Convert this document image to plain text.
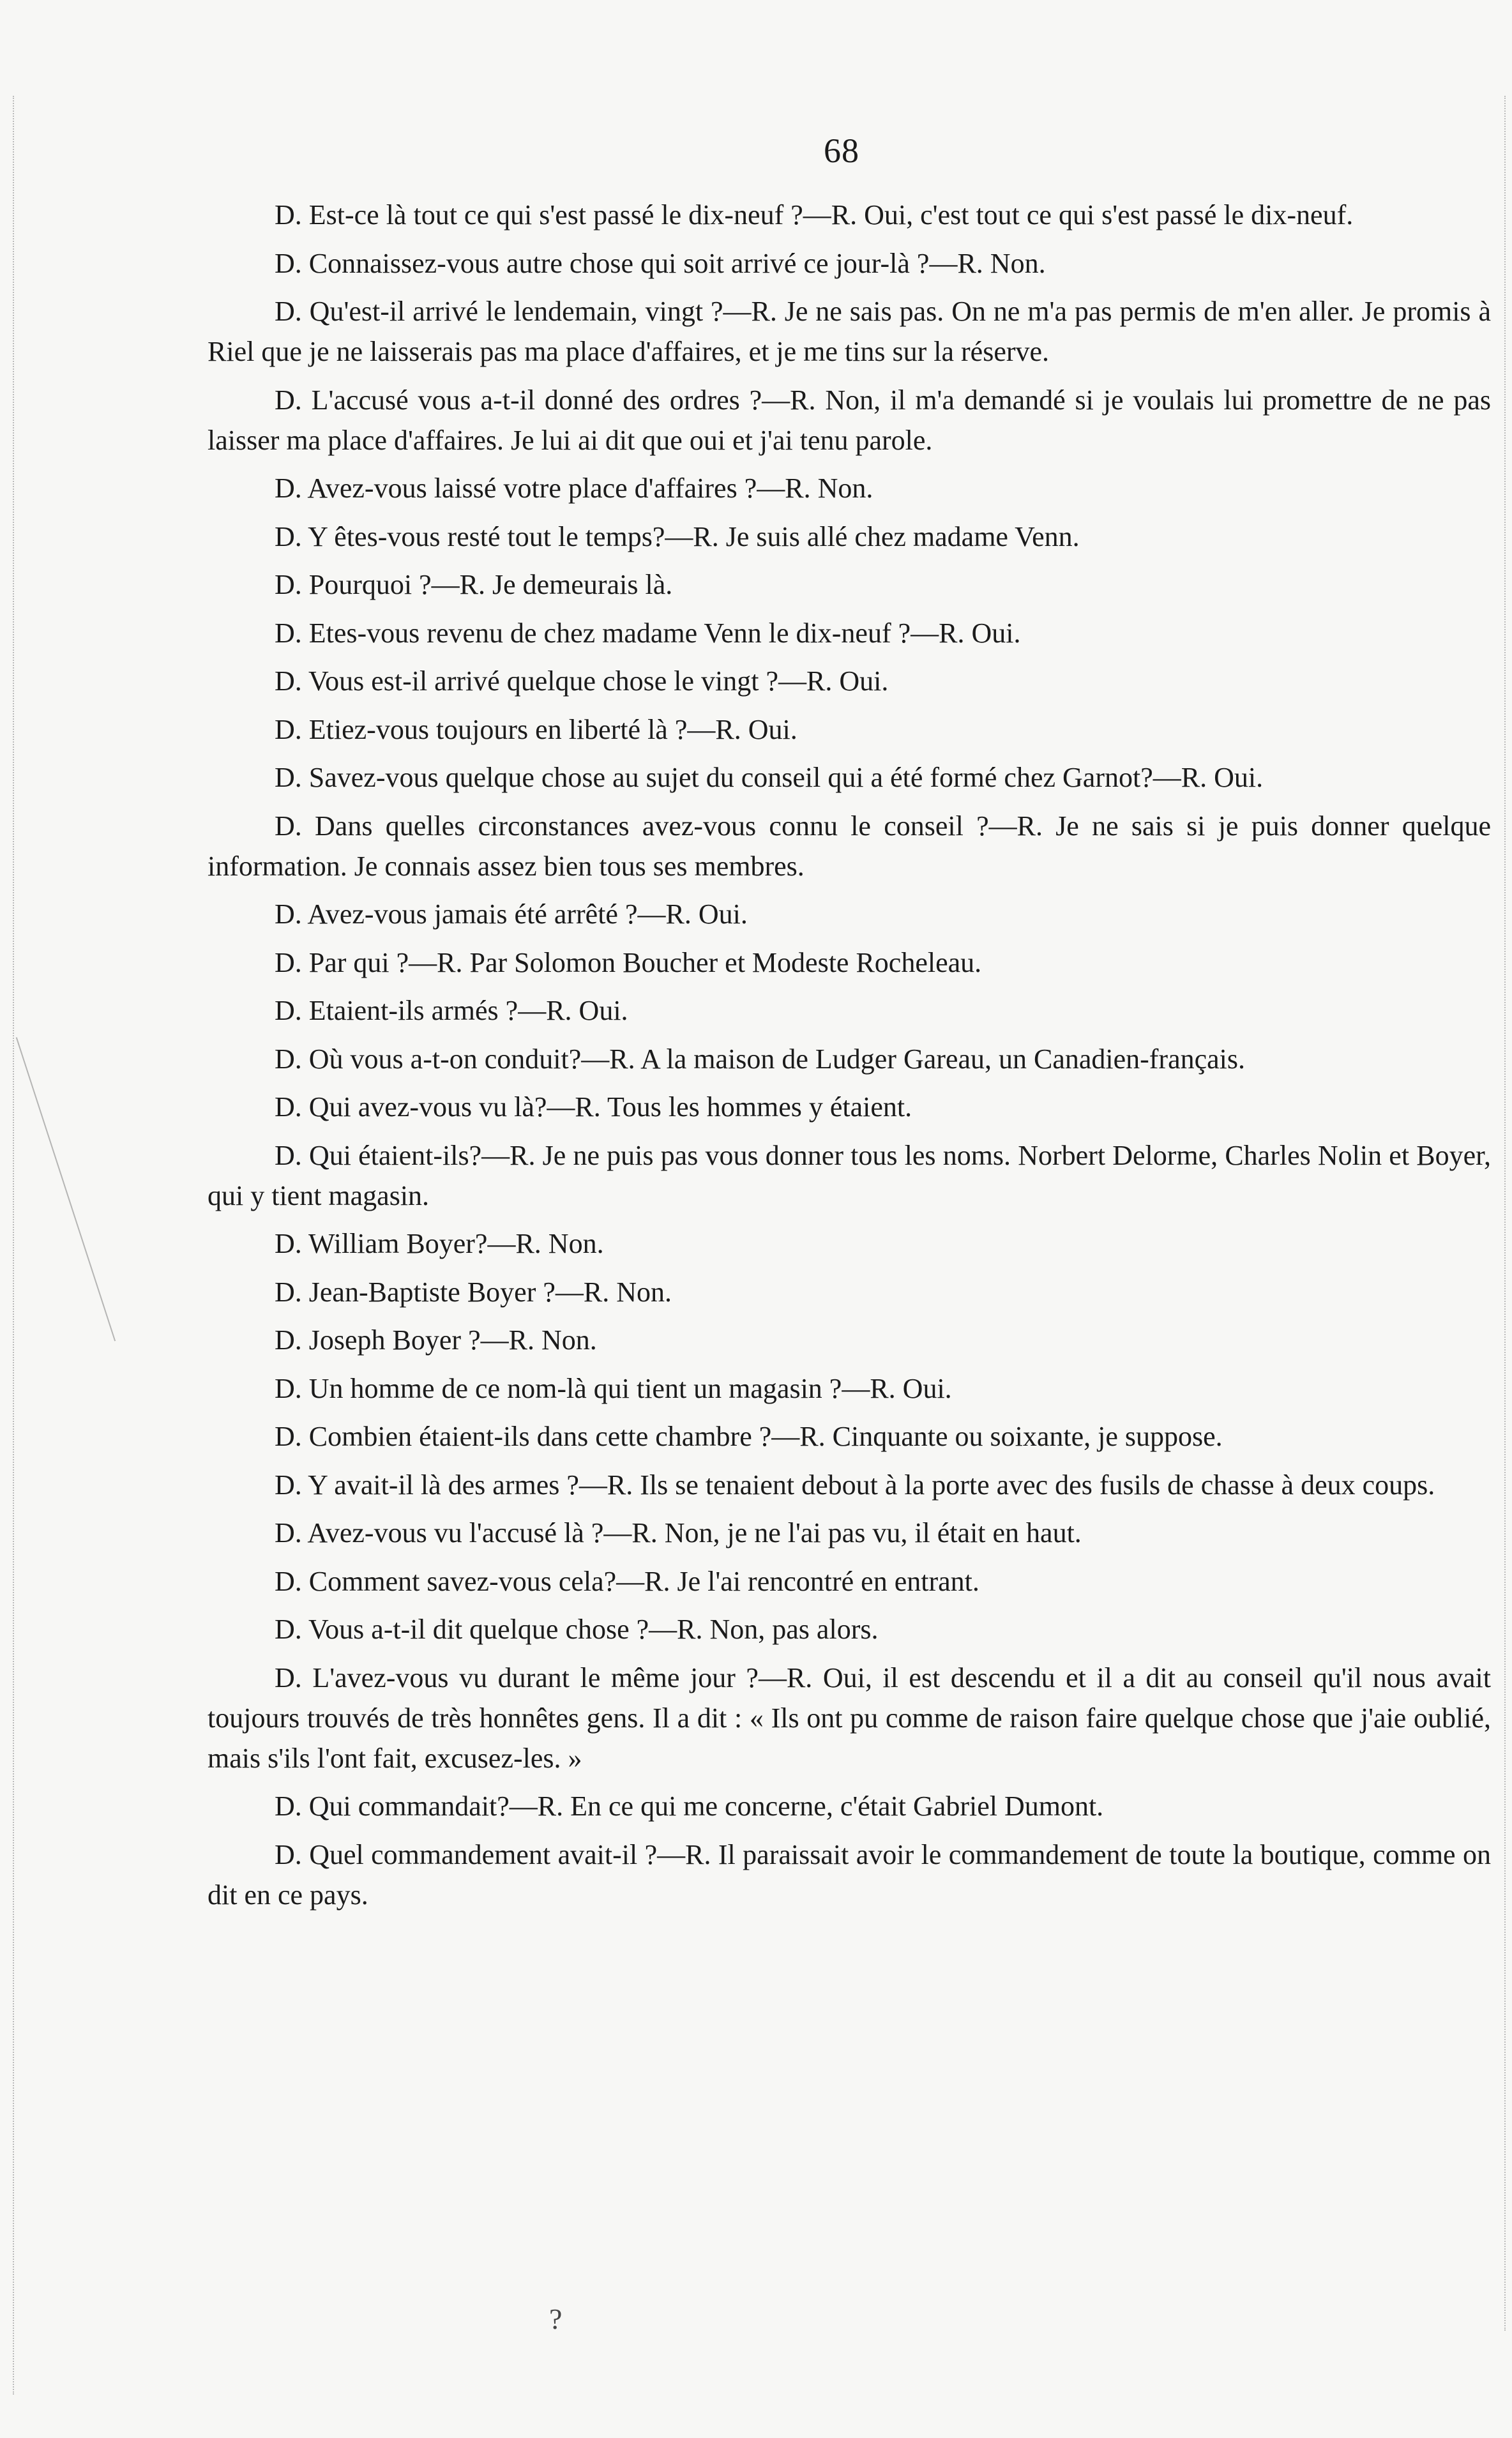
68

D. Est-ce là tout ce qui s'est passé le dix-neuf ?—R. Oui, c'est tout ce qui s'est passé le dix-neuf.

D. Connaissez-vous autre chose qui soit arrivé ce jour-là ?—R. Non.

D. Qu'est-il arrivé le lendemain, vingt ?—R. Je ne sais pas. On ne m'a pas permis de m'en aller. Je promis à Riel que je ne laisserais pas ma place d'affaires, et je me tins sur la réserve.

D. L'accusé vous a-t-il donné des ordres ?—R. Non, il m'a demandé si je voulais lui promettre de ne pas laisser ma place d'affaires. Je lui ai dit que oui et j'ai tenu parole.

D. Avez-vous laissé votre place d'affaires ?—R. Non.

D. Y êtes-vous resté tout le temps?—R. Je suis allé chez madame Venn.

D. Pourquoi ?—R. Je demeurais là.

D. Etes-vous revenu de chez madame Venn le dix-neuf ?—R. Oui.

D. Vous est-il arrivé quelque chose le vingt ?—R. Oui.

D. Etiez-vous toujours en liberté là ?—R. Oui.

D. Savez-vous quelque chose au sujet du conseil qui a été formé chez Garnot?—R. Oui.

D. Dans quelles circonstances avez-vous connu le conseil ?—R. Je ne sais si je puis donner quelque information. Je connais assez bien tous ses membres.

D. Avez-vous jamais été arrêté ?—R. Oui.

D. Par qui ?—R. Par Solomon Boucher et Modeste Rocheleau.

D. Etaient-ils armés ?—R. Oui.

D. Où vous a-t-on conduit?—R. A la maison de Ludger Gareau, un Canadien-français.

D. Qui avez-vous vu là?—R. Tous les hommes y étaient.

D. Qui étaient-ils?—R. Je ne puis pas vous donner tous les noms. Norbert Delorme, Charles Nolin et Boyer, qui y tient magasin.

D. William Boyer?—R. Non.

D. Jean-Baptiste Boyer ?—R. Non.

D. Joseph Boyer ?—R. Non.

D. Un homme de ce nom-là qui tient un magasin ?—R. Oui.

D. Combien étaient-ils dans cette chambre ?—R. Cinquante ou soixante, je suppose.

D. Y avait-il là des armes ?—R. Ils se tenaient debout à la porte avec des fusils de chasse à deux coups.

D. Avez-vous vu l'accusé là ?—R. Non, je ne l'ai pas vu, il était en haut.

D. Comment savez-vous cela?—R. Je l'ai rencontré en entrant.

D. Vous a-t-il dit quelque chose ?—R. Non, pas alors.

D. L'avez-vous vu durant le même jour ?—R. Oui, il est descendu et il a dit au conseil qu'il nous avait toujours trouvés de très honnêtes gens. Il a dit : « Ils ont pu comme de raison faire quelque chose que j'aie oublié, mais s'ils l'ont fait, excusez-les. »

D. Qui commandait?—R. En ce qui me concerne, c'était Gabriel Dumont.

D. Quel commandement avait-il ?—R. Il paraissait avoir le commandement de toute la boutique, comme on dit en ce pays.

?
